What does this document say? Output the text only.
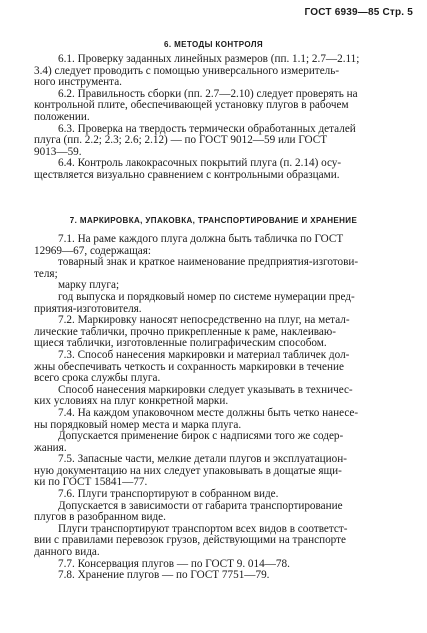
ГОСТ 6939—85 Стр. 5
6. МЕТОДЫ КОНТРОЛЯ
6.1. Проверку заданных линейных размеров (пп. 1.1; 2.7—2.11;
3.4) следует проводить с помощью универсального измеритель-
ного инструмента.
6.2. Правильность сборки (пп. 2.7—2.10) следует проверять на
контрольной плите, обеспечивающей установку плугов в рабочем
положении.
6.3. Проверка на твердость термически обработанных деталей
плуга (пп. 2.2; 2.3; 2.6; 2.12) — по ГОСТ 9012—59 или ГОСТ
9013—59.
6.4. Контроль лакокрасочных покрытий плуга (п. 2.14) осу-
ществляется визуально сравнением с контрольными образцами.
7. МАРКИРОВКА, УПАКОВКА, ТРАНСПОРТИРОВАНИЕ И ХРАНЕНИЕ
7.1. На раме каждого плуга должна быть табличка по ГОСТ
12969—67, содержащая:
товарный знак и краткое наименование предприятия-изготови-
теля;
марку плуга;
год выпуска и порядковый номер по системе нумерации пред-
приятия-изготовителя.
7.2. Маркировку наносят непосредственно на плуг, на метал-
лические таблички, прочно прикрепленные к раме, наклеиваю-
щиеся таблички, изготовленные полиграфическим способом.
7.3. Способ нанесения маркировки и материал табличек дол-
жны обеспечивать четкость и сохранность маркировки в течение
всего срока службы плуга.
Способ нанесения маркировки следует указывать в техничес-
ких условиях на плуг конкретной марки.
7.4. На каждом упаковочном месте должны быть четко нанесе-
ны порядковый номер места и марка плуга.
Допускается применение бирок с надписями того же содер-
жания.
7.5. Запасные части, мелкие детали плугов и эксплуатацион-
ную документацию на них следует упаковывать в дощатые ящи-
ки по ГОСТ 15841—77.
7.6. Плуги транспортируют в собранном виде.
Допускается в зависимости от габарита транспортирование
плугов в разобранном виде.
Плуги транспортируют транспортом всех видов в соответст-
вии с правилами перевозок грузов, действующими на транспорте
данного вида.
7.7. Консервация плугов — по ГОСТ 9. 014—78.
7.8. Хранение плугов — по ГОСТ 7751—79.
